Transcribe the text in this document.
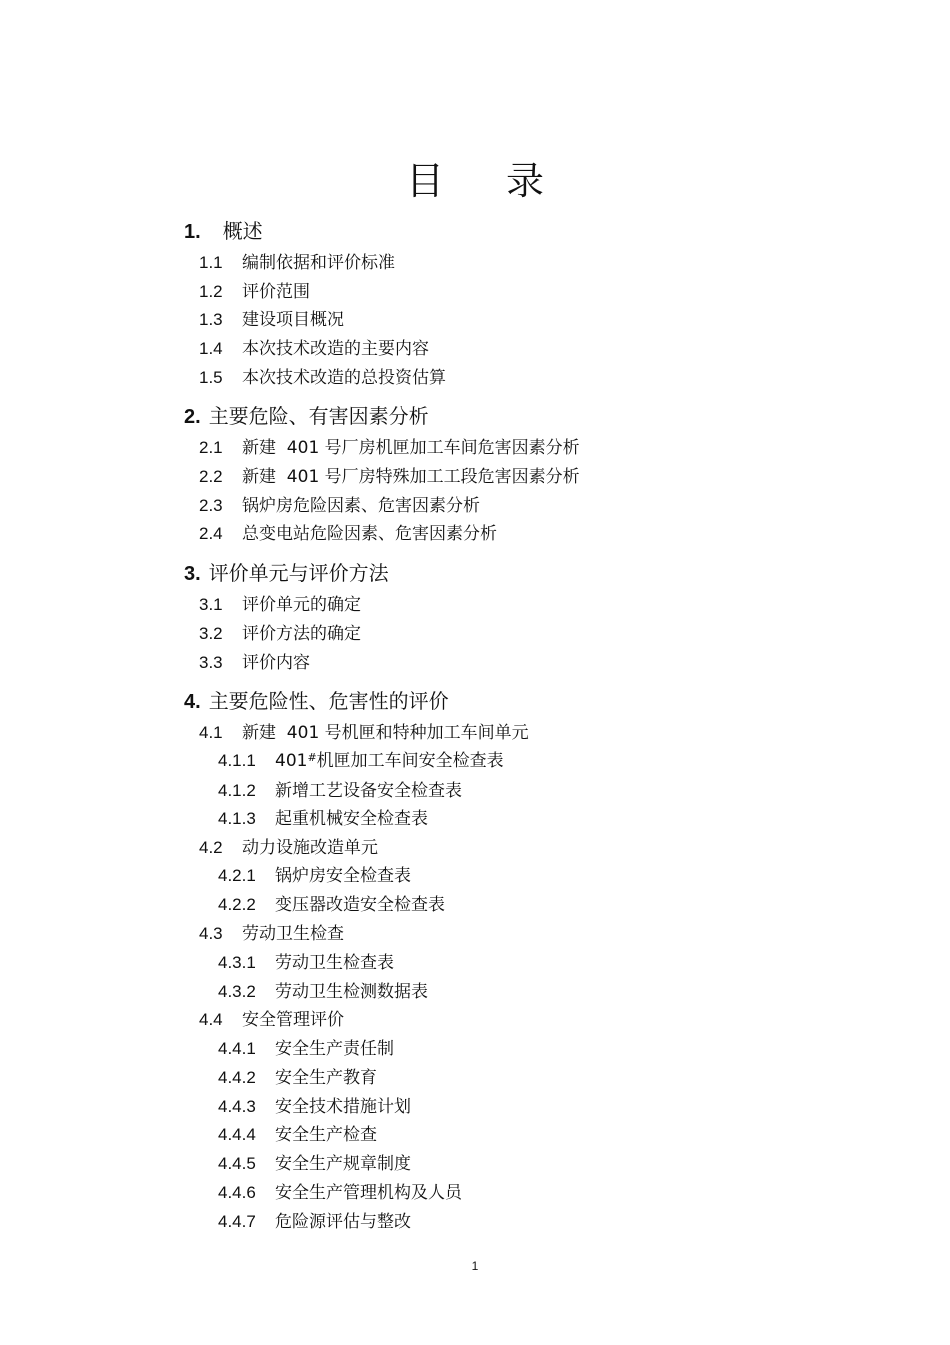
目 录
1. 概述
1.1 编制依据和评价标准
1.2 评价范围
1.3 建设项目概况
1.4 本次技术改造的主要内容
1.5 本次技术改造的总投资估算
2. 主要危险、有害因素分析
2.1 新建  401 号厂房机匣加工车间危害因素分析
2.2 新建  401 号厂房特殊加工工段危害因素分析
2.3 锅炉房危险因素、危害因素分析
2.4 总变电站危险因素、危害因素分析
3. 评价单元与评价方法
3.1 评价单元的确定
3.2 评价方法的确定
3.3 评价内容
4. 主要危险性、危害性的评价
4.1 新建  401 号机匣和特种加工车间单元
4.1.1 401#机匣加工车间安全检查表
4.1.2 新增工艺设备安全检查表
4.1.3 起重机械安全检查表
4.2 动力设施改造单元
4.2.1 锅炉房安全检查表
4.2.2 变压器改造安全检查表
4.3 劳动卫生检查
4.3.1 劳动卫生检查表
4.3.2 劳动卫生检测数据表
4.4 安全管理评价
4.4.1 安全生产责任制
4.4.2 安全生产教育
4.4.3 安全技术措施计划
4.4.4 安全生产检查
4.4.5 安全生产规章制度
4.4.6 安全生产管理机构及人员
4.4.7 危险源评估与整改
1
